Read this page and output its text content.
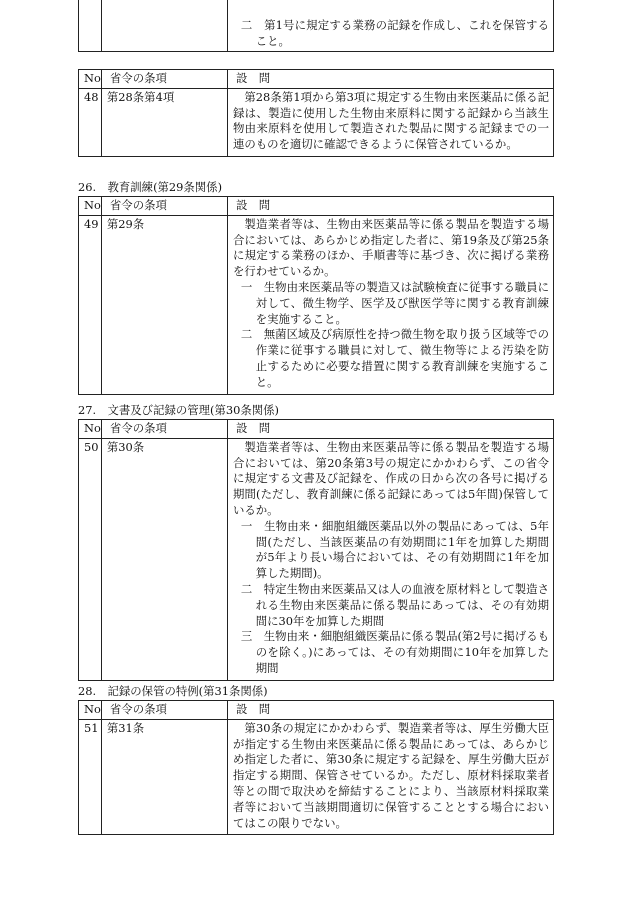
二　第1号に規定する業務の記録を作成し、これを保管すること。
No	省令の条項	設　問
48	第28条第4項	第28条第1項から第3項に規定する生物由来医薬品に係る記録は、製造に使用した生物由来原料に関する記録から当該生物由来原料を使用して製造された製品に関する記録までの一連のものを適切に確認できるように保管されているか。
26.　教育訓練(第29条関係)
No	省令の条項	設　問
49	第29条	製造業者等は、生物由来医薬品等に係る製品を製造する場合においては、あらかじめ指定した者に、第19条及び第25条に規定する業務のほか、手順書等に基づき、次に掲げる業務を行わせているか。
一　生物由来医薬品等の製造又は試験検査に従事する職員に対して、微生物学、医学及び獣医学等に関する教育訓練を実施すること。
二　無菌区域及び病原性を持つ微生物を取り扱う区域等での作業に従事する職員に対して、微生物等による汚染を防止するために必要な措置に関する教育訓練を実施すること。
27.　文書及び記録の管理(第30条関係)
No	省令の条項	設　問
50	第30条	製造業者等は、生物由来医薬品等に係る製品を製造する場合においては、第20条第3号の規定にかかわらず、この省令に規定する文書及び記録を、作成の日から次の各号に掲げる期間(ただし、教育訓練に係る記録にあっては5年間)保管しているか。
一　生物由来・細胞組織医薬品以外の製品にあっては、5年間(ただし、当該医薬品の有効期間に1年を加算した期間が5年より長い場合においては、その有効期間に1年を加算した期間)。
二　特定生物由来医薬品又は人の血液を原材料として製造される生物由来医薬品に係る製品にあっては、その有効期間に30年を加算した期間
三　生物由来・細胞組織医薬品に係る製品(第2号に掲げるものを除く。)にあっては、その有効期間に10年を加算した期間
28.　記録の保管の特例(第31条関係)
No	省令の条項	設　問
51	第31条	第30条の規定にかかわらず、製造業者等は、厚生労働大臣が指定する生物由来医薬品に係る製品にあっては、あらかじめ指定した者に、第30条に規定する記録を、厚生労働大臣が指定する期間、保管させているか。ただし、原材料採取業者等との間で取決めを締結することにより、当該原材料採取業者等において当該期間適切に保管することとする場合においてはこの限りでない。
